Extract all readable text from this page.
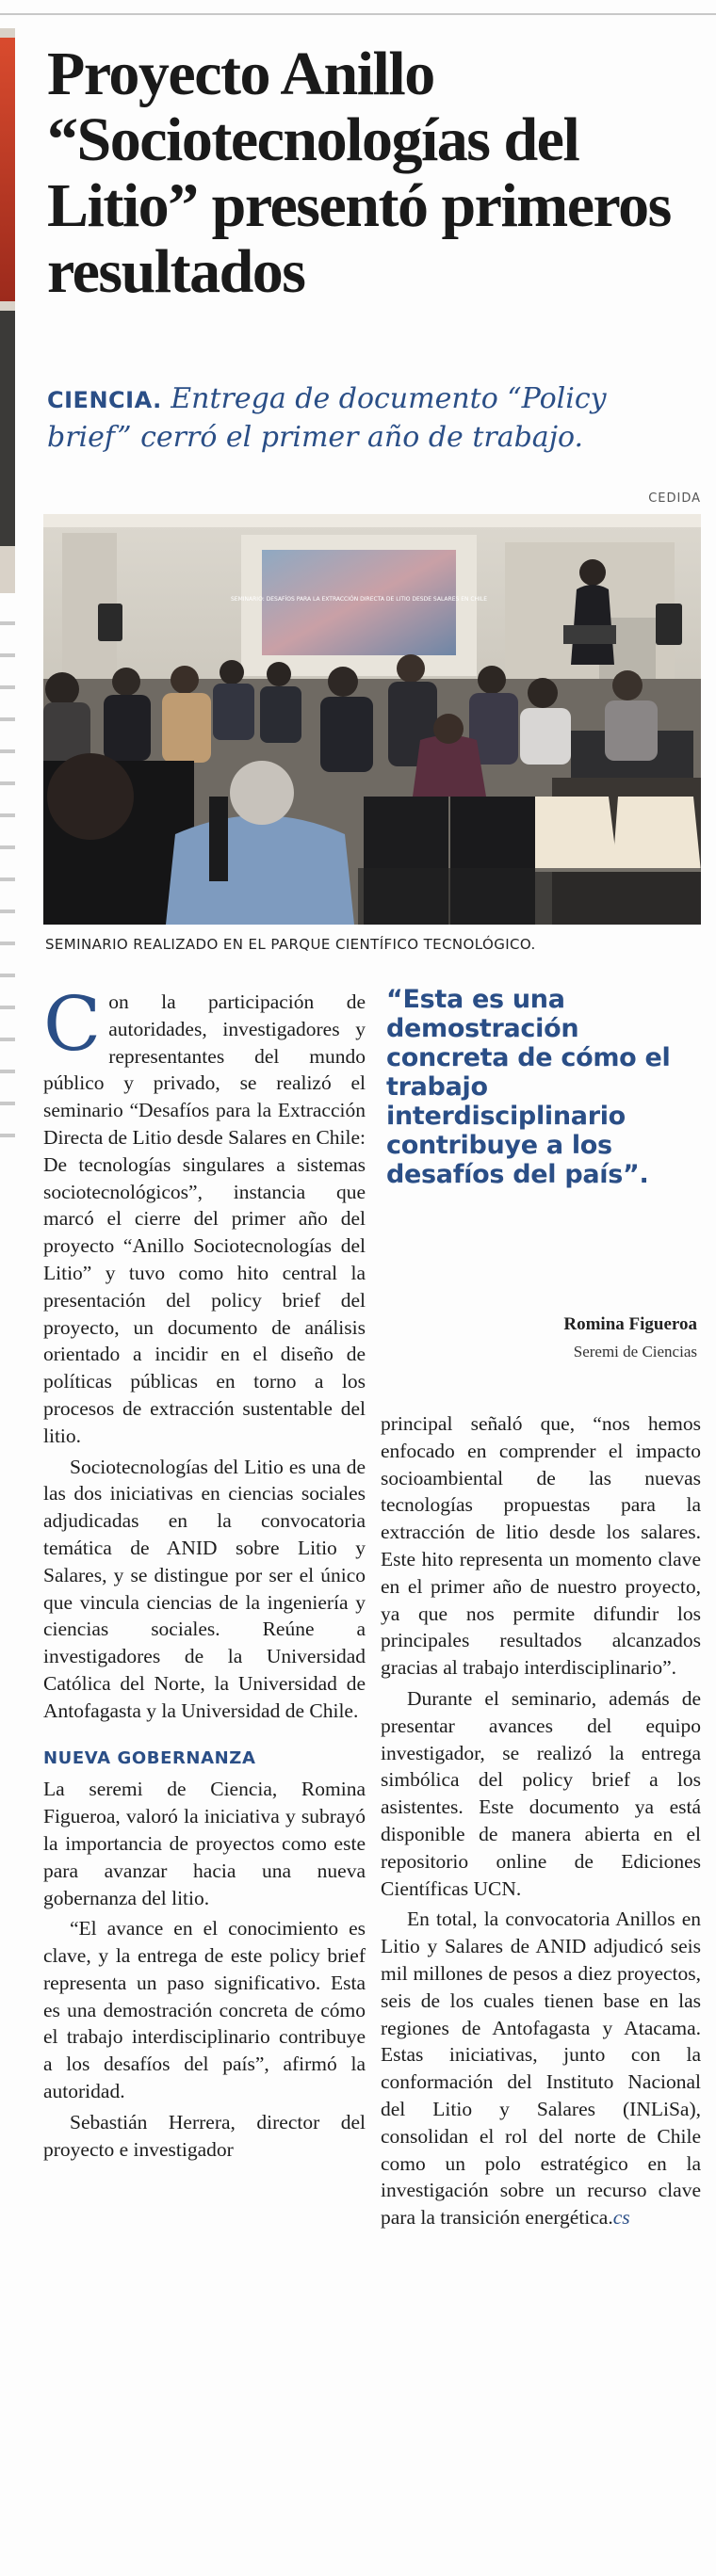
Proyecto Anillo “Sociotecnologías del Litio” presentó primeros resultados

CIENCIA. Entrega de documento “Policy brief” cerró el primer año de trabajo.

CEDIDA
SEMINARIO: DESAFÍOS PARA LA EXTRACCIÓN DIRECTA DE LITIO DESDE SALARES EN CHILE
SEMINARIO REALIZADO EN EL PARQUE CIENTÍFICO TECNOLÓGICO.

Con la participación de autoridades, investigadores y representantes del mundo público y privado, se realizó el seminario “Desafíos para la Extracción Directa de Litio desde Salares en Chile: De tecnologías singulares a sistemas sociotecnológicos”, instancia que marcó el cierre del primer año del proyecto “Anillo Sociotecnologías del Litio” y tuvo como hito central la presentación del policy brief del proyecto, un documento de análisis orientado a incidir en el diseño de políticas públicas en torno a los procesos de extracción sustentable del litio.

Sociotecnologías del Litio es una de las dos iniciativas en ciencias sociales adjudicadas en la convocatoria temática de ANID sobre Litio y Salares, y se distingue por ser el único que vincula ciencias de la ingeniería y ciencias sociales. Reúne a investigadores de la Universidad Católica del Norte, la Universidad de Antofagasta y la Universidad de Chile.

NUEVA GOBERNANZA

La seremi de Ciencia, Romina Figueroa, valoró la iniciativa y subrayó la importancia de proyectos como este para avanzar hacia una nueva gobernanza del litio.

“El avance en el conocimiento es clave, y la entrega de este policy brief representa un paso significativo. Esta es una demostración concreta de cómo el trabajo interdisciplinario contribuye a los desafíos del país”, afirmó la autoridad.

Sebastián Herrera, director del proyecto e investigador

“Esta es una demostración concreta de cómo el trabajo interdisciplinario contribuye a los desafíos del país”.

Romina Figueroa
Seremi de Ciencias

principal señaló que, “nos hemos enfocado en comprender el impacto socioambiental de las nuevas tecnologías propuestas para la extracción de litio desde los salares. Este hito representa un momento clave en el primer año de nuestro proyecto, ya que nos permite difundir los principales resultados alcanzados gracias al trabajo interdisciplinario”.

Durante el seminario, además de presentar avances del equipo investigador, se realizó la entrega simbólica del policy brief a los asistentes. Este documento ya está disponible de manera abierta en el repositorio online de Ediciones Científicas UCN.

En total, la convocatoria Anillos en Litio y Salares de ANID adjudicó seis mil millones de pesos a diez proyectos, seis de los cuales tienen base en las regiones de Antofagasta y Atacama. Estas iniciativas, junto con la conformación del Instituto Nacional del Litio y Salares (INLiSa), consolidan el rol del norte de Chile como un polo estratégico en la investigación sobre un recurso clave para la transición energética.cs
